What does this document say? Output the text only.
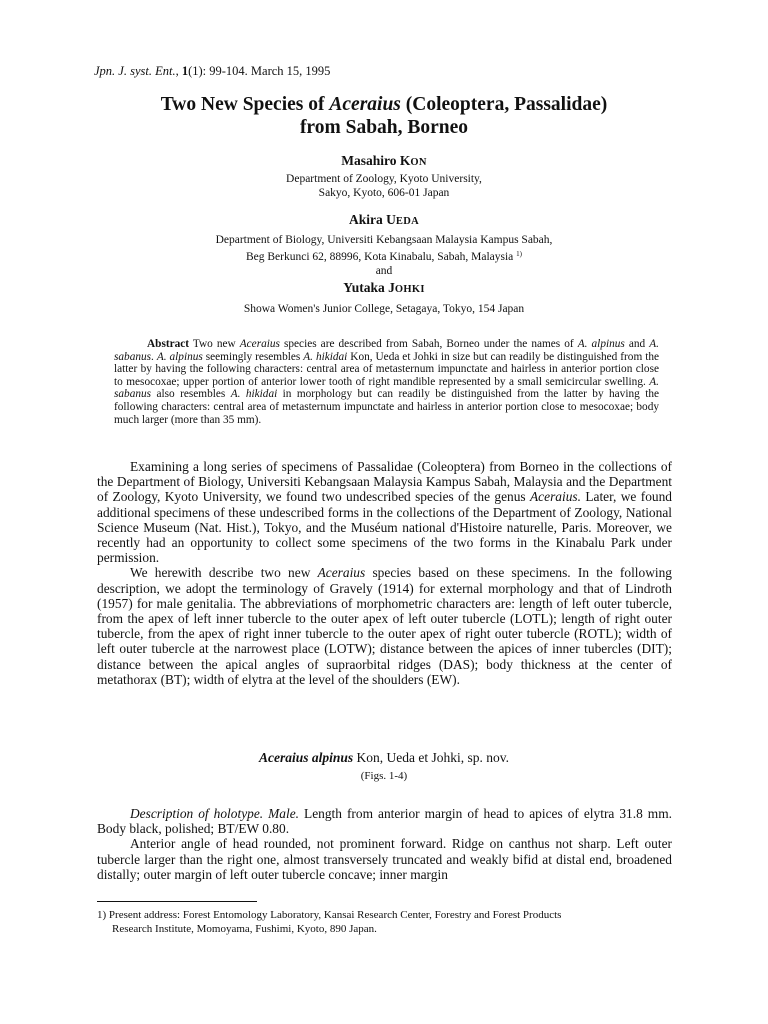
Jpn. J. syst. Ent., 1(1): 99-104. March 15, 1995
Two New Species of Aceraius (Coleoptera, Passalidae)
from Sabah, Borneo
Masahiro KON
Department of Zoology, Kyoto University,
Sakyo, Kyoto, 606-01 Japan
Akira UEDA
Department of Biology, Universiti Kebangsaan Malaysia Kampus Sabah,
Beg Berkunci 62, 88996, Kota Kinabalu, Sabah, Malaysia $^{1)}$
and
Yutaka JOHKI
Showa Women's Junior College, Setagaya, Tokyo, 154 Japan
Abstract Two new Aceraius species are described from Sabah, Borneo under the names of A. alpinus and A. sabanus. A. alpinus seemingly resembles A. hikidai Kon, Ueda et Johki in size but can readily be distinguished from the latter by having the following characters: central area of metasternum impunctate and hairless in anterior portion close to mesocoxae; upper portion of anterior lower tooth of right mandible represented by a small semicircular swelling. A. sabanus also resembles A. hikidai in morphology but can readily be distinguished from the latter by having the following characters: central area of metasternum impunctate and hairless in anterior portion close to mesocoxae; body much larger (more than 35 mm).

Examining a long series of specimens of Passalidae (Coleoptera) from Borneo in the collections of the Department of Biology, Universiti Kebangsaan Malaysia Kampus Sabah, Malaysia and the Department of Zoology, Kyoto University, we found two undescribed species of the genus Aceraius. Later, we found additional specimens of these undescribed forms in the collections of the Department of Zoology, National Science Museum (Nat. Hist.), Tokyo, and the Muséum national d'Histoire naturelle, Paris. Moreover, we recently had an opportunity to collect some specimens of the two forms in the Kinabalu Park under permission.

We herewith describe two new Aceraius species based on these specimens. In the following description, we adopt the terminology of Gravely (1914) for external morphology and that of Lindroth (1957) for male genitalia. The abbreviations of morphometric characters are: length of left outer tubercle, from the apex of left inner tubercle to the outer apex of left outer tubercle (LOTL); length of right outer tubercle, from the apex of right inner tubercle to the outer apex of right outer tubercle (ROTL); width of left outer tubercle at the narrowest place (LOTW); distance between the apices of inner tubercles (DIT); distance between the apical angles of supraorbital ridges (DAS); body thickness at the center of metathorax (BT); width of elytra at the level of the shoulders (EW).

Aceraius alpinus Kon, Ueda et Johki, sp. nov.
(Figs. 1-4)

Description of holotype. Male. Length from anterior margin of head to apices of elytra 31.8 mm. Body black, polished; BT/EW 0.80.

Anterior angle of head rounded, not prominent forward. Ridge on canthus not sharp. Left outer tubercle larger than the right one, almost transversely truncated and weakly bifid at distal end, broadened distally; outer margin of left outer tubercle concave; inner margin

1) Present address: Forest Entomology Laboratory, Kansai Research Center, Forestry and Forest Products
Research Institute, Momoyama, Fushimi, Kyoto, 890 Japan.
